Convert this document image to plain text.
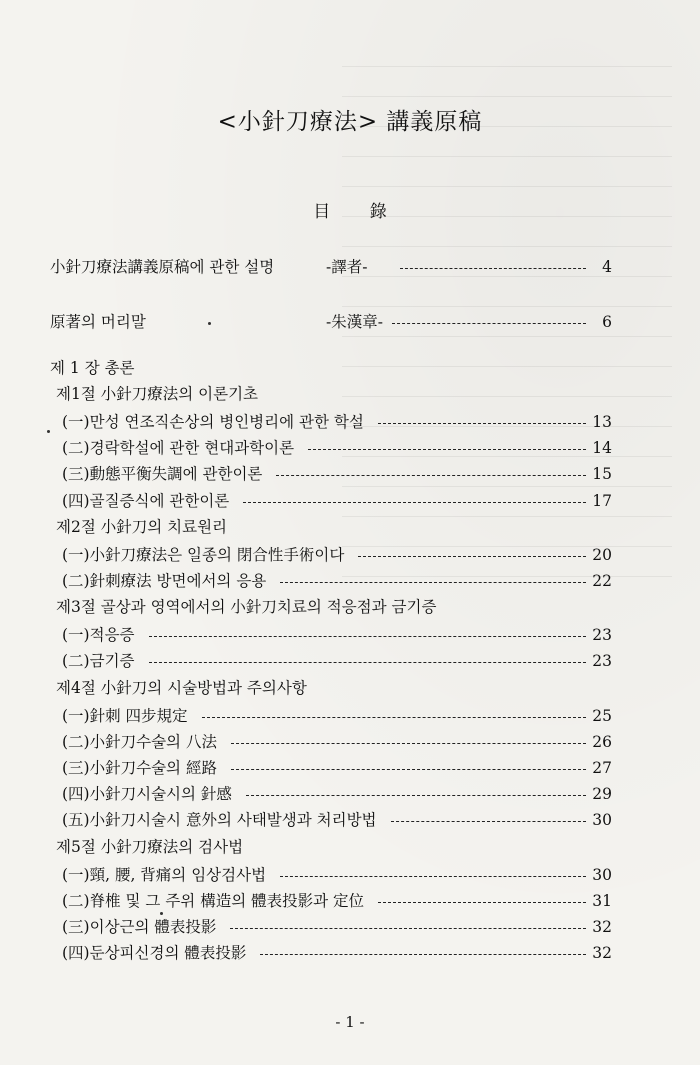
<小針刀療法> 講義原稿
目 錄
小針刀療法講義原稿에 관한 설명	-譯者-	4
原著의 머리말	-朱漢章-	6
제 1 장 총론
제1절 小針刀療法의 이론기초
(一)만성 연조직손상의 병인병리에 관한 학설	13
(二)경락학설에 관한 현대과학이론	14
(三)動態平衡失調에 관한이론	15
(四)골질증식에 관한이론	17
제2절 小針刀의 치료원리
(一)小針刀療法은 일종의 閉合性手術이다	20
(二)針刺療法 방면에서의 응용	22
제3절 골상과 영역에서의 小針刀치료의 적응점과 금기증
(一)적응증	23
(二)금기증	23
제4절 小針刀의 시술방법과 주의사항
(一)針刺 四步規定	25
(二)小針刀수술의 八法	26
(三)小針刀수술의 經路	27
(四)小針刀시술시의 針感	29
(五)小針刀시술시 意外의 사태발생과 처리방법	30
제5절 小針刀療法의 검사법
(一)頸, 腰, 背痛의 임상검사법	30
(二)脊椎 및 그 주위 構造의 體表投影과 定位	31
(三)이상근의 體表投影	32
(四)둔상피신경의 體表投影	32
- 1 -
